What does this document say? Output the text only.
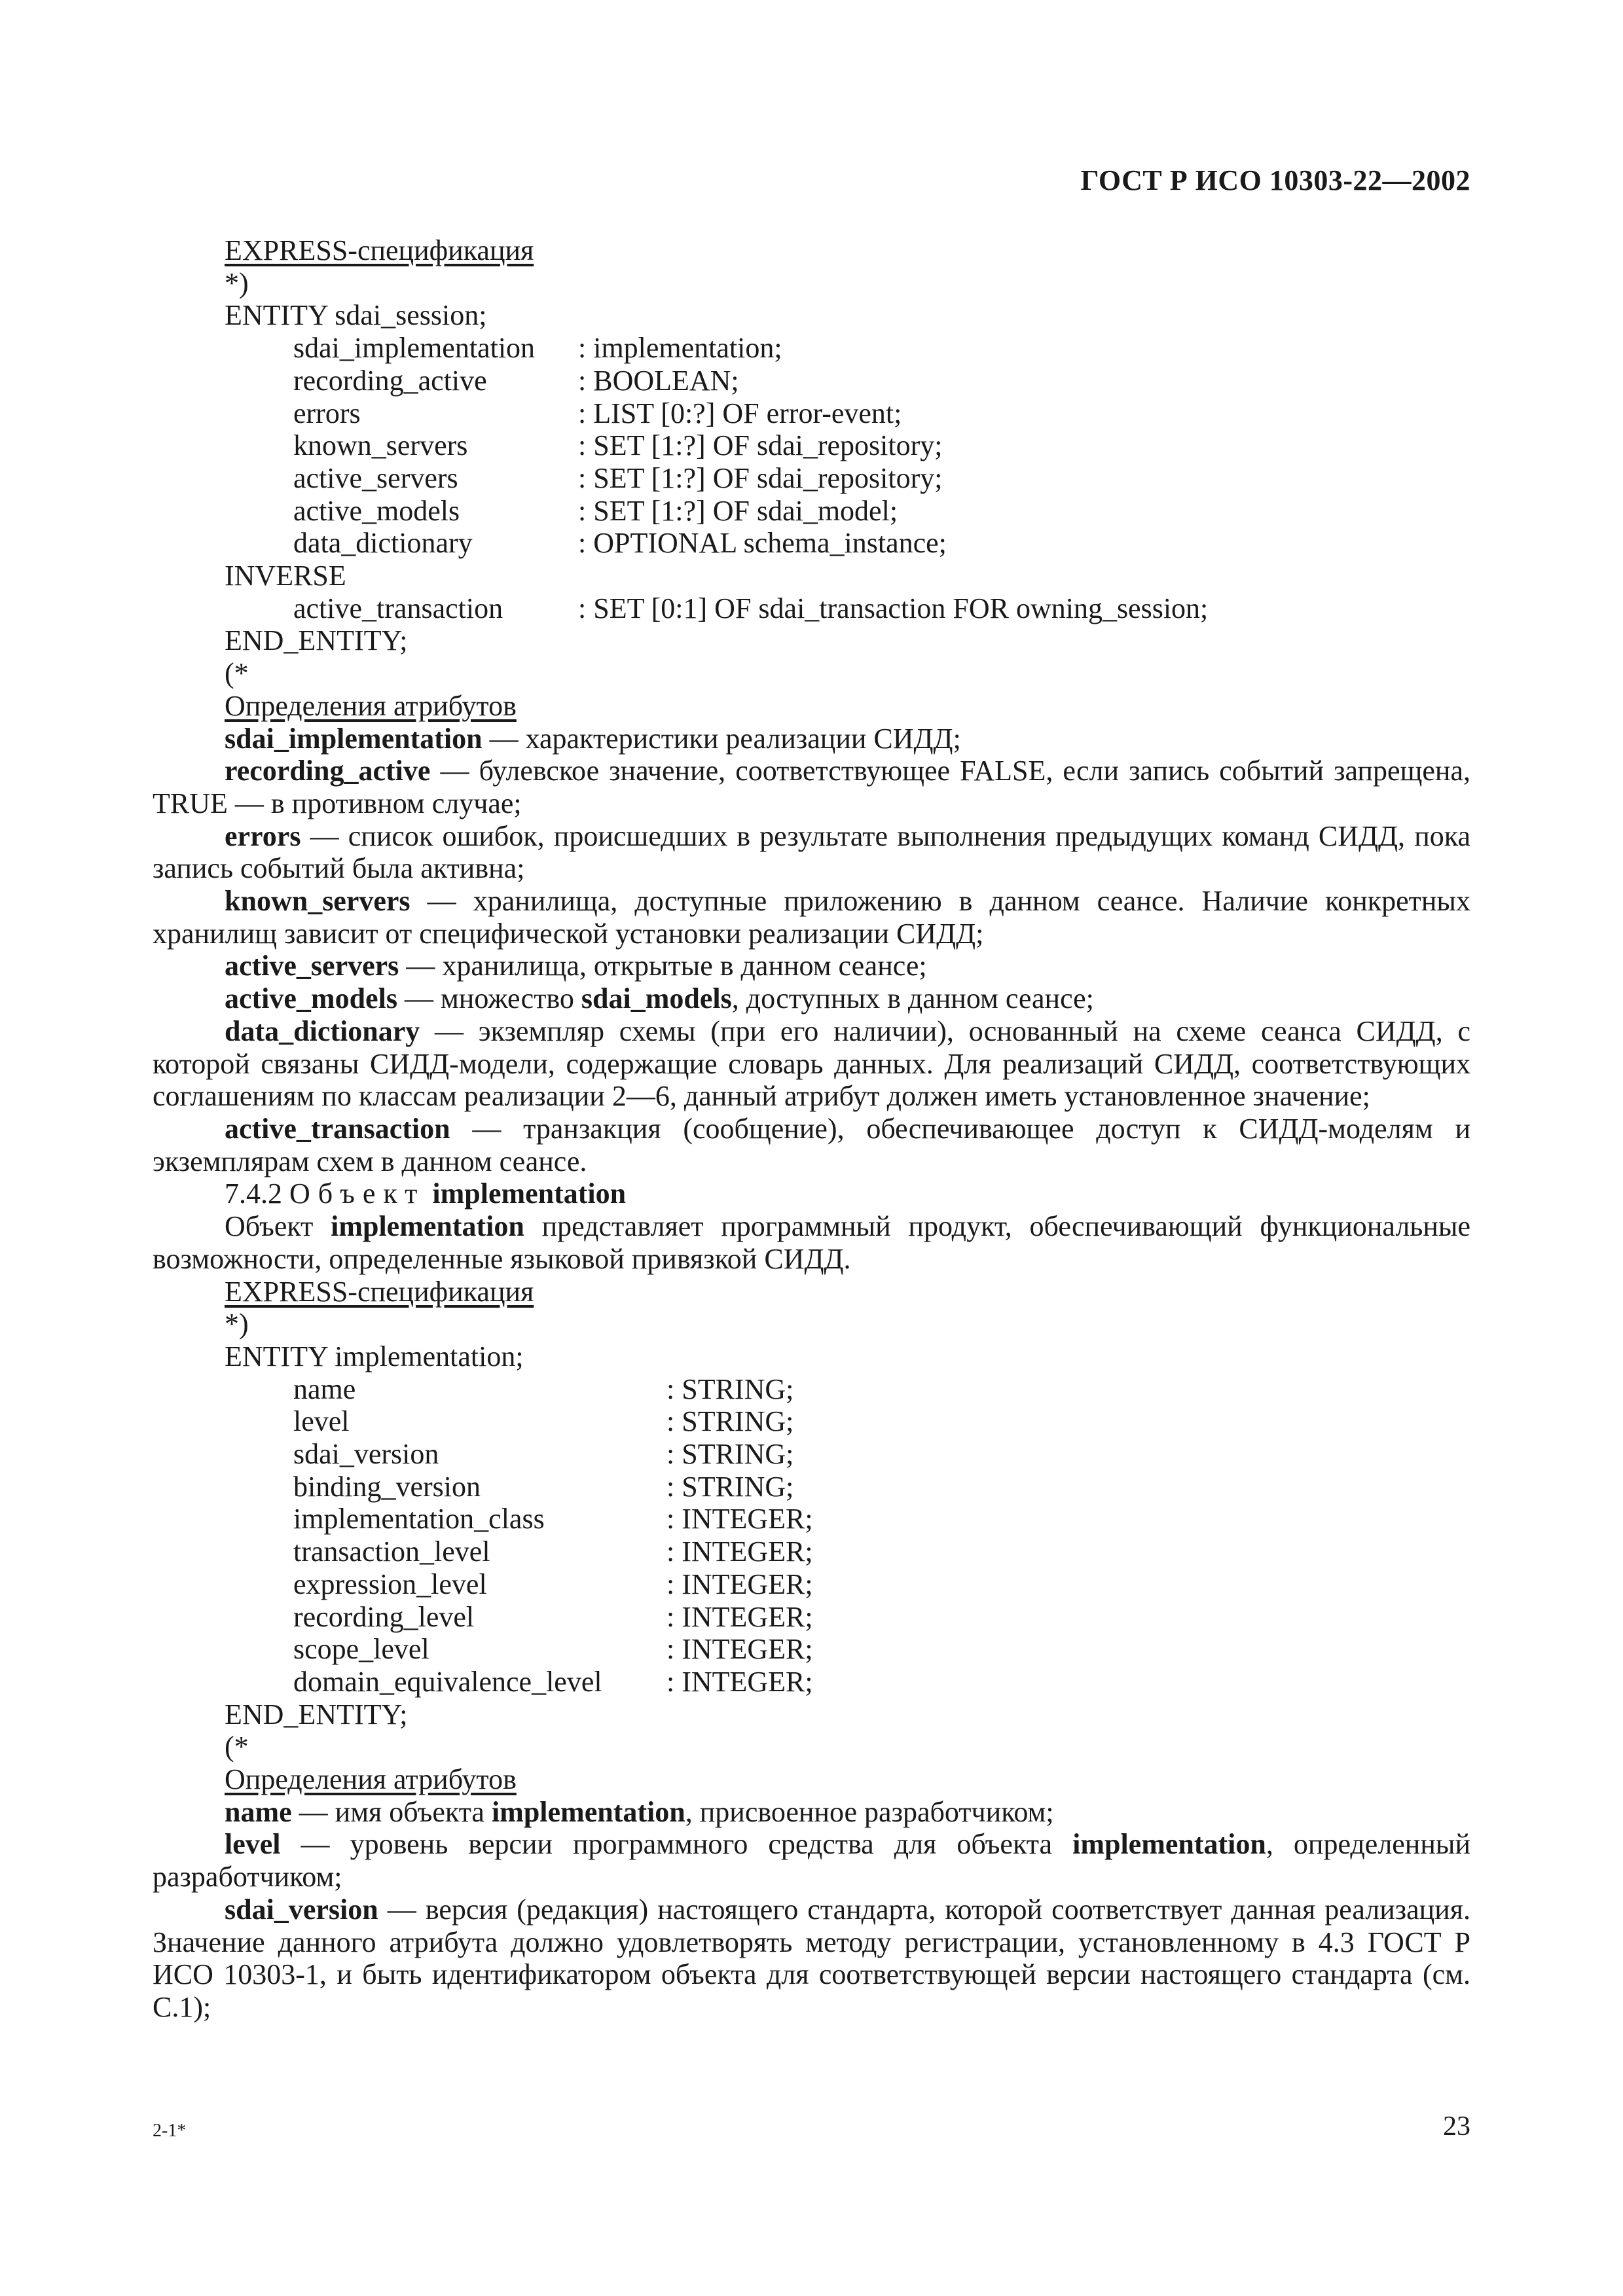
ГОСТ Р ИСО 10303-22—2002
EXPRESS-спецификация
*)
ENTITY sdai_session;
sdai_implementation	: implementation;
recording_active	: BOOLEAN;
errors	: LIST [0:?] OF error-event;
known_servers	: SET [1:?] OF sdai_repository;
active_servers	: SET [1:?] OF sdai_repository;
active_models	: SET [1:?] OF sdai_model;
data_dictionary	: OPTIONAL schema_instance;
INVERSE
active_transaction	: SET [0:1] OF sdai_transaction FOR owning_session;
END_ENTITY;
(*
Определения атрибутов
sdai_implementation — характеристики реализации СИДД;
recording_active — булевское значение, соответствующее FALSE, если запись событий запрещена, TRUE — в противном случае;
errors — список ошибок, происшедших в результате выполнения предыдущих команд СИДД, пока запись событий была активна;
known_servers — хранилища, доступные приложению в данном сеансе. Наличие конкретных хранилищ зависит от специфической установки реализации СИДД;
active_servers — хранилища, открытые в данном сеансе;
active_models — множество sdai_models, доступных в данном сеансе;
data_dictionary — экземпляр схемы (при его наличии), основанный на схеме сеанса СИДД, с которой связаны СИДД-модели, содержащие словарь данных. Для реализаций СИДД, соответствующих соглашениям по классам реализации 2—6, данный атрибут должен иметь установленное значение;
active_transaction — транзакция (сообщение), обеспечивающее доступ к СИДД-моделям и экземплярам схем в данном сеансе.
7.4.2 Объект implementation
Объект implementation представляет программный продукт, обеспечивающий функциональные возможности, определенные языковой привязкой СИДД.
EXPRESS-спецификация
*)
ENTITY implementation;
name	: STRING;
level	: STRING;
sdai_version	: STRING;
binding_version	: STRING;
implementation_class	: INTEGER;
transaction_level	: INTEGER;
expression_level	: INTEGER;
recording_level	: INTEGER;
scope_level	: INTEGER;
domain_equivalence_level	: INTEGER;
END_ENTITY;
(*
Определения атрибутов
name — имя объекта implementation, присвоенное разработчиком;
level — уровень версии программного средства для объекта implementation, определенный разработчиком;
sdai_version — версия (редакция) настоящего стандарта, которой соответствует данная реализация. Значение данного атрибута должно удовлетворять методу регистрации, установленному в 4.3 ГОСТ Р ИСО 10303-1, и быть идентификатором объекта для соответствующей версии настоящего стандарта (см. С.1);
2-1*	23
